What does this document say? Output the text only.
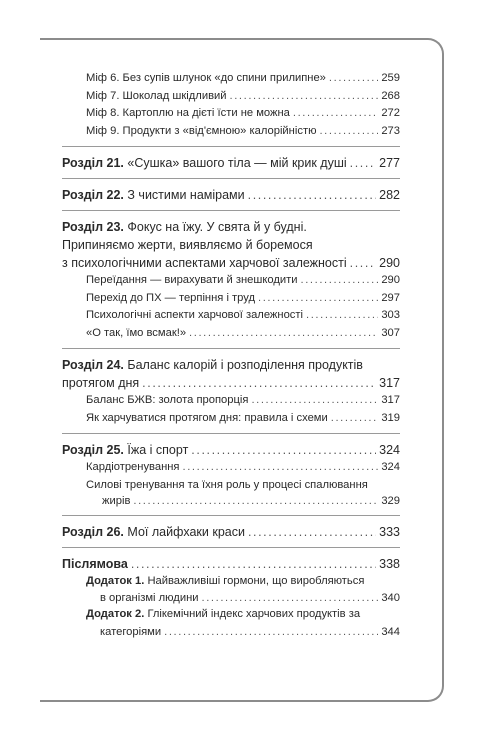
Міф 6. Без супів шлунок «до спини прилипне» .....	259
Міф 7. Шоколад шкідливий .....	268
Міф 8. Картоплю на дієті їсти не можна .....	272
Міф 9. Продукти з «від'ємною» калорійністю .....	273
Розділ 21. «Сушка» вашого тіла — мій крик душі .....	277
Розділ 22. З чистими намірами .....	282
Розділ 23. Фокус на їжу. У свята й у будні.
Припиняємо жерти, виявляємо й боремося
з психологічними аспектами харчової залежності .....	290
Переїдання — вирахувати й знешкодити .....	290
Перехід до ПХ — терпіння і труд .....	297
Психологічні аспекти харчової залежності .....	303
«О так, їмо всмак!» .....	307
Розділ 24. Баланс калорій і розподілення продуктів
протягом дня .....	317
Баланс БЖВ: золота пропорція .....	317
Як харчуватися протягом дня: правила і схеми .....	319
Розділ 25. Їжа і спорт .....	324
Кардіотренування .....	324
Силові тренування та їхня роль у процесі спалювання
жирів .....	329
Розділ 26. Мої лайфхаки краси .....	333
Післямова .....	338
Додаток 1. Найважливіші гормони, що виробляються
в організмі людини .....	340
Додаток 2. Глікемічний індекс харчових продуктів за
категоріями .....	344
